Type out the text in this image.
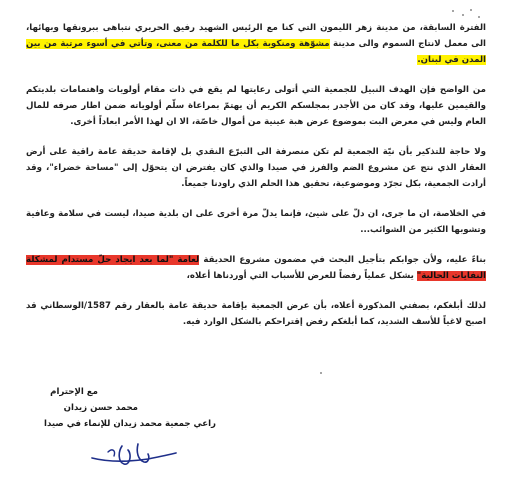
الفترة السابقة، من مدينة زهر الليمون التي كنا مع الرئيس الشهيد رفيق الحريري نتباهى ببرونقها وبهائها، الى معمل لانتاج السموم والى مدينة مشوّهة ومنكوبة بكل ما للكلمة من معنى، وتأتي في أسوء مرتبة من بين المدن في لبنان.

من الواضح فإن الهدف النبيل للجمعية التي أتولى رعايتها لم يقع في ذات مقام أولويات واهتمامات بلديتكم والقيمين عليها، وقد كان من الأجدر بمجلسكم الكريم أن يهتمّ بمراعاة سلّم أولوياته ضمن اطار صرفه للمال العام وليس في معرض البت بموضوع عرض هبة عينية من أموال خاصّة، الا ان لهذا الأمر ابعاداً أخرى.

ولا حاجة للتذكير بأن نيّة الجمعية لم تكن منصرفة الى التبرّع النقدي بل لإقامة حديقة عامة راقية على أرض العقار الذي نتج عن مشروع الضم والفرز في صيدا والذي كان يفترض ان يتحوّل إلى "مساحة خضراء"، وقد أرادت الجمعية، بكل تجرّد وموضوعية، تحقيق هذا الحلم الذي راودنا جميعاً.

في الخلاصة، ان ما جرى، ان دلّ على شيئ، فإنما يدلّ مرة أخرى على ان بلدية صيدا، ليست في سلامة وعافية وتشوبها الكثير من الشوائب...

بناءً عليه، ولأن جوابكم بتأجيل البحث في مضمون مشروع الحديقة لعامة "لما بعد ايجاد حلّ مستدام لمشكلة النفايات الحالية" يشكل عملياً رفضاً للعرض للأسباب التي أوردناها أعلاه،

لذلك أبلغكم، بصفتي المذكورة أعلاه، بأن عرض الجمعية بإقامة حديقة عامة بالعقار رقم 1587/الوسطاني قد اصبح لاغياً للأسف الشديد، كما أبلغكم رفض إقتراحكم بالشكل الوارد فيه.

مع الإحترام
محمد حسن زيدان
راعي جمعية محمد زيدان للإنماء في صيدا
